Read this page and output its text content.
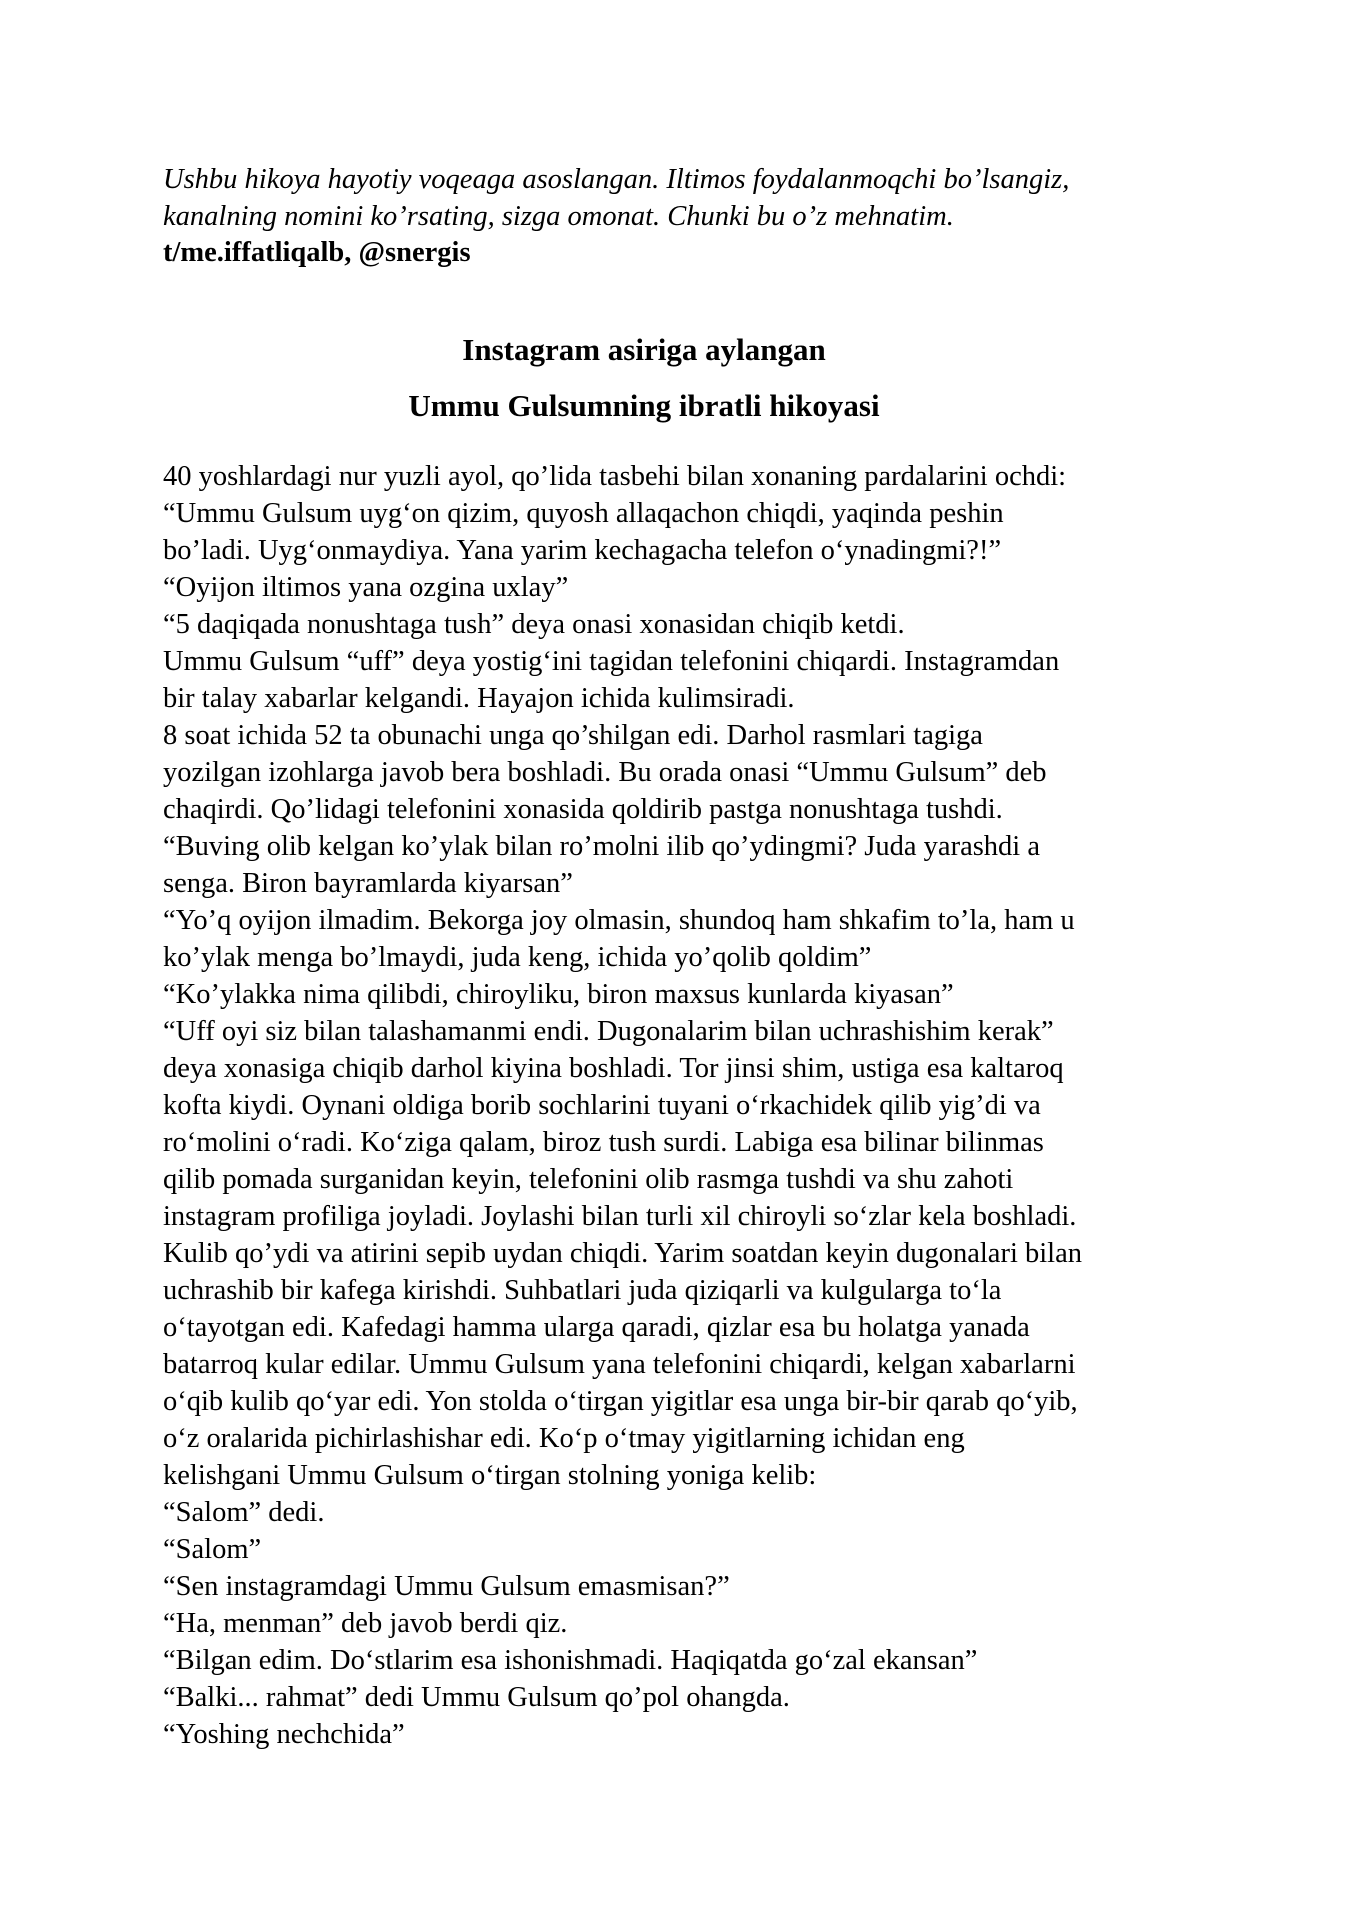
Ushbu hikoya hayotiy voqeaga asoslangan. Iltimos foydalanmoqchi bo’lsangiz,
kanalning nomini ko’rsating, sizga omonat. Chunki bu o’z mehnatim.

t/me.iffatliqalb, @snergis

Instagram asiriga aylangan
Ummu Gulsumning ibratli hikoyasi

40 yoshlardagi nur yuzli ayol, qo’lida tasbehi bilan xonaning pardalarini ochdi:

“Ummu Gulsum uyg‘on qizim, quyosh allaqachon chiqdi, yaqinda peshin

bo’ladi. Uyg‘onmaydiya. Yana yarim kechagacha telefon o‘ynadingmi?!”

“Oyijon iltimos yana ozgina uxlay”

“5 daqiqada nonushtaga tush” deya onasi xonasidan chiqib ketdi.

Ummu Gulsum “uff” deya yostig‘ini tagidan telefonini chiqardi. Instagramdan

bir talay xabarlar kelgandi. Hayajon ichida kulimsiradi.

8 soat ichida 52 ta obunachi unga qo’shilgan edi. Darhol rasmlari tagiga

yozilgan izohlarga javob bera boshladi. Bu orada onasi “Ummu Gulsum” deb

chaqirdi. Qo’lidagi telefonini xonasida qoldirib pastga nonushtaga tushdi.

“Buving olib kelgan ko’ylak bilan ro’molni ilib qo’ydingmi? Juda yarashdi a

senga. Biron bayramlarda kiyarsan”

“Yo’q oyijon ilmadim. Bekorga joy olmasin, shundoq ham shkafim to’la, ham u

ko’ylak menga bo’lmaydi, juda keng, ichida yo’qolib qoldim”

“Ko’ylakka nima qilibdi, chiroyliku, biron maxsus kunlarda kiyasan”

“Uff oyi siz bilan talashamanmi endi. Dugonalarim bilan uchrashishim kerak”

deya xonasiga chiqib darhol kiyina boshladi. Tor jinsi shim, ustiga esa kaltaroq

kofta kiydi. Oynani oldiga borib sochlarini tuyani o‘rkachidek qilib yig’di va

ro‘molini o‘radi. Ko‘ziga qalam, biroz tush surdi. Labiga esa bilinar bilinmas

qilib pomada surganidan keyin, telefonini olib rasmga tushdi va shu zahoti

instagram profiliga joyladi. Joylashi bilan turli xil chiroyli so‘zlar kela boshladi.

Kulib qo’ydi va atirini sepib uydan chiqdi. Yarim soatdan keyin dugonalari bilan

uchrashib bir kafega kirishdi. Suhbatlari juda qiziqarli va kulgularga to‘la

o‘tayotgan edi. Kafedagi hamma ularga qaradi, qizlar esa bu holatga yanada

batarroq kular edilar. Ummu Gulsum yana telefonini chiqardi, kelgan xabarlarni

o‘qib kulib qo‘yar edi. Yon stolda o‘tirgan yigitlar esa unga bir-bir qarab qo‘yib,

o‘z oralarida pichirlashishar edi. Ko‘p o‘tmay yigitlarning ichidan eng

kelishgani Ummu Gulsum o‘tirgan stolning yoniga kelib:

“Salom” dedi.

“Salom”

“Sen instagramdagi Ummu Gulsum emasmisan?”

“Ha, menman” deb javob berdi qiz.

“Bilgan edim. Do‘stlarim esa ishonishmadi. Haqiqatda go‘zal ekansan”

“Balki... rahmat” dedi Ummu Gulsum qo’pol ohangda.

“Yoshing nechchida”
